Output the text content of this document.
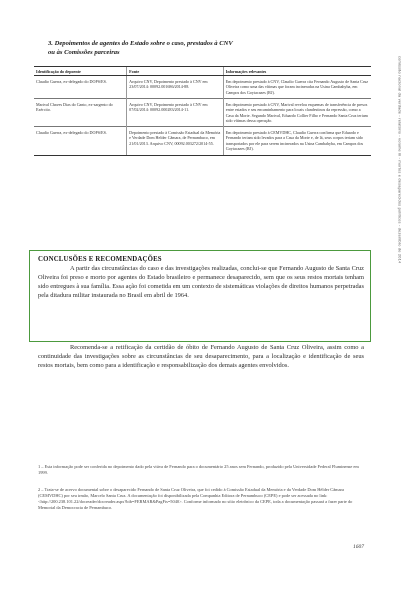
3. Depoimentos de agentes do Estado sobre o caso, prestados à CNV
ou às Comissões parceiras
Identificação do depoente	Fonte	Informações relevantes
Claudio Guerra, ex-delegado do DOPS/ES.	Arquivo CNV, Depoimento prestado à CNV em 23/07/2014: 00092.001686/2014-88.	Em depoimento prestado à CNV, Claudio Guerra cita Fernando Augusto de Santa Cruz Oliveira como uma das vítimas que foram incineradas na Usina Cambahyba, em Campos dos Goytacazes (RJ).
Marival Chaves Dias do Canto, ex-sargento do Exército.	Arquivo CNV, Depoimento prestado à CNV em 07/02/2014: 00092.000283/2014-11.	Em depoimento prestado à CNV, Marival revelou esquemas de transferência de presos entre estados e seu encaminhamento para locais clandestinos da repressão, como a Casa da Morte. Segundo Marival, Eduardo Collier Filho e Fernando Santa Cruz teriam sido vítimas dessa operação.
Claudio Guerra, ex-delegado do DOPS/ES.	Depoimento prestado à Comissão Estadual da Memória e Verdade Dom Helder Câmara, de Pernambuco, em 21/01/2013. Arquivo CNV, 00092.003272/2014-55.	Em depoimento prestado à CEMVDHC, Claudio Guerra confirma que Eduardo e Fernando teriam sido levados para a Casa da Morte e, de lá, seus corpos teriam sido transportados por ele para serem incinerados na Usina Cambahyba, em Campos dos Goytacazes (RJ).	comissão nacional da verdade - relatório - volume iii - mortos e desaparecidos políticos - dezembro de 2014
CONCLUSÕES E RECOMENDAÇÕES
A partir das circunstâncias do caso e das investigações realizadas, conclui-se que Fernando Augusto de Santa Cruz Oliveira foi preso e morto por agentes do Estado brasileiro e permanece desaparecido, sem que os seus restos mortais tenham sido entregues à sua família. Essa ação foi cometida em um contexto de sistemáticas violações de direitos humanos perpetradas pela ditadura militar instaurada no Brasil em abril de 1964.
Recomenda-se a retificação da certidão de óbito de Fernando Augusto de Santa Cruz Oliveira, assim como a continuidade das investigações sobre as circunstâncias de seu desaparecimento, para a localização e identificação de seus restos mortais, bem como para a identificação e responsabilização dos demais agentes envolvidos.
1 – Esta informação pode ser conferida no depoimento dado pela viúva de Fernando para o documentário 25 anos sem Fernando, produzido pela Universidade Federal Fluminense em 1999.
2 – Trata-se de acervo documental sobre o desaparecido Fernando de Santa Cruz Oliveira, que foi cedido à Comissão Estadual da Memória e da Verdade Dom Hélder Câmara (CEMVDHC) por seu irmão, Marcelo Santa Cruz. A documentação foi disponibilizada pela Companhia Editora de Pernambuco (CEPE) e pode ser acessada no link: <http://200.238.101.22/docreader/docreader.aspx?bib=FERMAR&PagFis=5040>. Conforme informado no sítio eletrônico da CEPE, toda a documentação passará a fazer parte do Memorial da Democracia de Pernambuco.
1607
